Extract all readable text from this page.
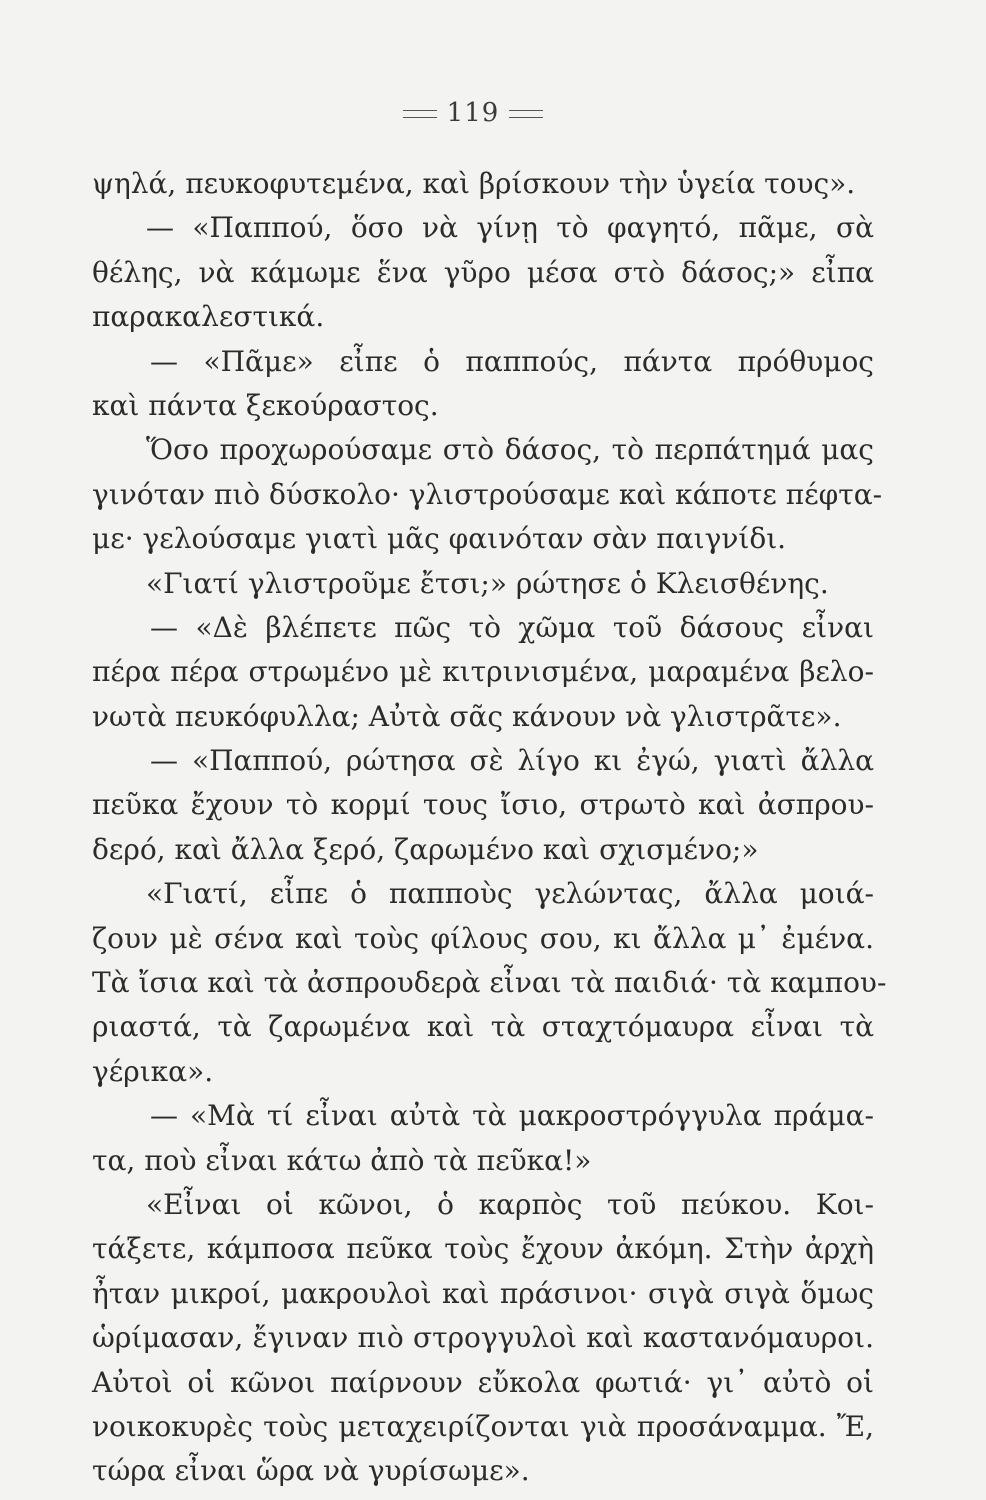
119
ψηλά, πευκοφυτεμένα, καὶ βρίσκουν τὴν ὑγεία τους».
— «Παππού, ὅσο νὰ γίνῃ τὸ φαγητό, πᾶμε, σὰ
θέλης, νὰ κάμωμε ἕνα γῦρο μέσα στὸ δάσος;» εἶπα
παρακαλεστικά.
— «Πᾶμε» εἶπε ὁ παππούς, πάντα πρόθυμος
καὶ πάντα ξεκούραστος.
Ὅσο προχωρούσαμε στὸ δάσος, τὸ περπάτημά μας
γινόταν πιὸ δύσκολο· γλιστρούσαμε καὶ κάποτε πέφτα-
με· γελούσαμε γιατὶ μᾶς φαινόταν σὰν παιγνίδι.
«Γιατί γλιστροῦμε ἔτσι;» ρώτησε ὁ Κλεισθένης.
— «Δὲ βλέπετε πῶς τὸ χῶμα τοῦ δάσους εἶναι
πέρα πέρα στρωμένο μὲ κιτρινισμένα, μαραμένα βελο-
νωτὰ πευκόφυλλα; Αὐτὰ σᾶς κάνουν νὰ γλιστρᾶτε».
— «Παππού, ρώτησα σὲ λίγο κι ἐγώ, γιατὶ ἄλλα
πεῦκα ἔχουν τὸ κορμί τους ἴσιο, στρωτὸ καὶ ἀσπρου-
δερό, καὶ ἄλλα ξερό, ζαρωμένο καὶ σχισμένο;»
«Γιατί, εἶπε ὁ παπποὺς γελώντας, ἄλλα μοιά-
ζουν μὲ σένα καὶ τοὺς φίλους σου, κι ἄλλα μ᾽ ἐμένα.
Τὰ ἴσια καὶ τὰ ἀσπρουδερὰ εἶναι τὰ παιδιά· τὰ καμπου-
ριαστά, τὰ ζαρωμένα καὶ τὰ σταχτόμαυρα εἶναι τὰ
γέρικα».
— «Μὰ τί εἶναι αὐτὰ τὰ μακροστρόγγυλα πράμα-
τα, ποὺ εἶναι κάτω ἀπὸ τὰ πεῦκα!»
«Εἶναι οἱ κῶνοι, ὁ καρπὸς τοῦ πεύκου. Κοι-
τάξετε, κάμποσα πεῦκα τοὺς ἔχουν ἀκόμη. Στὴν ἀρχὴ
ἦταν μικροί, μακρουλοὶ καὶ πράσινοι· σιγὰ σιγὰ ὅμως
ὡρίμασαν, ἔγιναν πιὸ στρογγυλοὶ καὶ καστανόμαυροι.
Αὐτοὶ οἱ κῶνοι παίρνουν εὔκολα φωτιά· γι᾽ αὐτὸ οἱ
νοικοκυρὲς τοὺς μεταχειρίζονται γιὰ προσάναμμα. Ἔ,
τώρα εἶναι ὥρα νὰ γυρίσωμε».
